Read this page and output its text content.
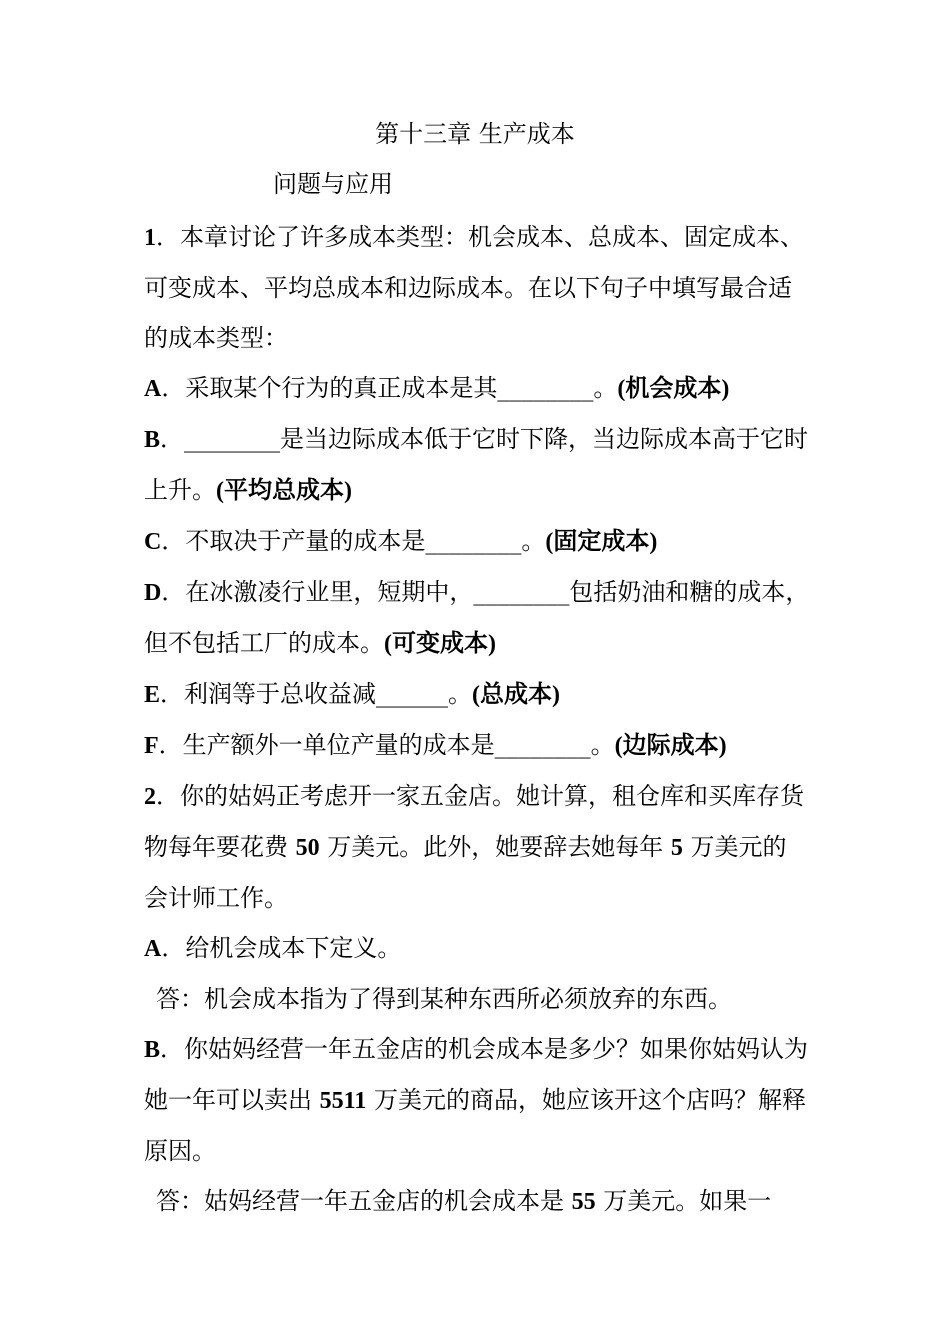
第十三章 生产成本
问题与应用

1．本章讨论了许多成本类型：机会成本、总成本、固定成本、可变成本、平均总成本和边际成本。在以下句子中填写最合适的成本类型：

A．采取某个行为的真正成本是其________。(机会成本)

B．________是当边际成本低于它时下降，当边际成本高于它时上升。(平均总成本)

C．不取决于产量的成本是________。(固定成本)

D．在冰激凌行业里，短期中，________包括奶油和糖的成本，但不包括工厂的成本。(可变成本)

E．利润等于总收益减______。(总成本)

F．生产额外一单位产量的成本是________。(边际成本)

2．你的姑妈正考虑开一家五金店。她计算，租仓库和买库存货物每年要花费 50 万美元。此外，她要辞去她每年 5 万美元的会计师工作。

A．给机会成本下定义。

答：机会成本指为了得到某种东西所必须放弃的东西。

B．你姑妈经营一年五金店的机会成本是多少？如果你姑妈认为她一年可以卖出 5511 万美元的商品，她应该开这个店吗？解释原因。

答：姑妈经营一年五金店的机会成本是 55 万美元。如果一
